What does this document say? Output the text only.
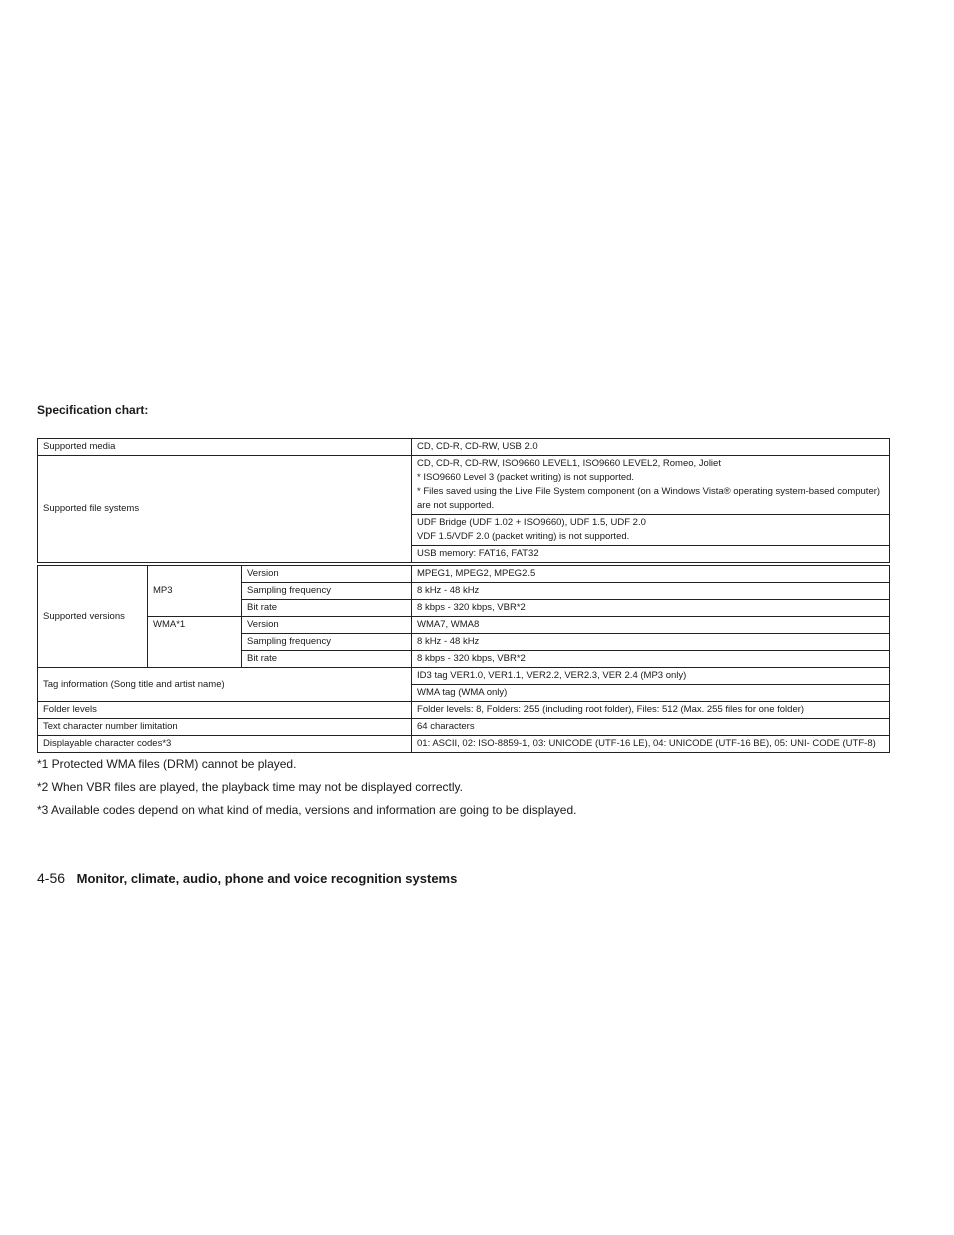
Specification chart:
Supported media			CD, CD-R, CD-RW, USB 2.0
Supported file systems			CD, CD-R, CD-RW, ISO9660 LEVEL1, ISO9660 LEVEL2, Romeo, Joliet
* ISO9660 Level 3 (packet writing) is not supported.
* Files saved using the Live File System component (on a Windows Vista® operating system-based computer) are not supported.

			UDF Bridge (UDF 1.02 + ISO9660), UDF 1.5, UDF 2.0
VDF 1.5/VDF 2.0 (packet writing) is not supported.

			USB memory: FAT16, FAT32

Supported versions	MP3	Version	MPEG1, MPEG2, MPEG2.5
		Sampling frequency	8 kHz - 48 kHz
		Bit rate	8 kbps - 320 kbps, VBR*2
	WMA*1	Version	WMA7, WMA8
		Sampling frequency	8 kHz - 48 kHz
		Bit rate	8 kbps - 320 kbps, VBR*2
Tag information (Song title and artist name)			ID3 tag VER1.0, VER1.1, VER2.2, VER2.3, VER 2.4 (MP3 only)
			WMA tag (WMA only)
Folder levels			Folder levels: 8, Folders: 255 (including root folder), Files: 512 (Max. 255 files for one folder)
Text character number limitation			64 characters
Displayable character codes*3			01: ASCII, 02: ISO-8859-1, 03: UNICODE (UTF-16 LE), 04: UNICODE (UTF-16 BE), 05: UNI- CODE (UTF-8)

*1 Protected WMA files (DRM) cannot be played.

*2 When VBR files are played, the playback time may not be displayed correctly.

*3 Available codes depend on what kind of media, versions and information are going to be displayed.

4-56 Monitor, climate, audio, phone and voice recognition systems
